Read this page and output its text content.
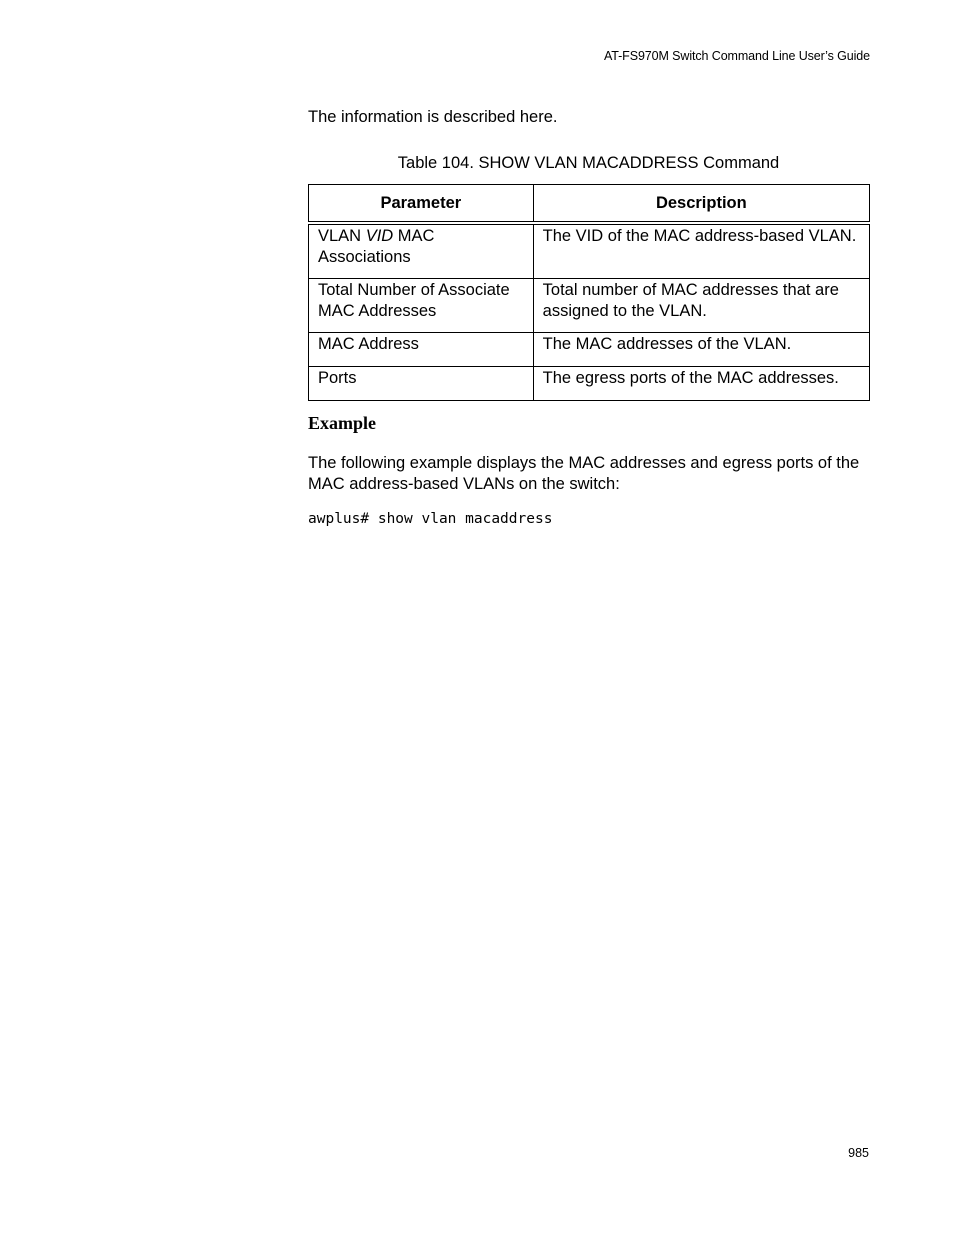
AT-FS970M Switch Command Line User’s Guide

The information is described here.

Table 104. SHOW VLAN MACADDRESS Command
Parameter	Description
VLAN VID MAC Associations	The VID of the MAC address-based VLAN.
Total Number of Associate MAC Addresses	Total number of MAC addresses that are assigned to the VLAN.
MAC Address	The MAC addresses of the VLAN.
Ports	The egress ports of the MAC addresses.
Example

The following example displays the MAC addresses and egress ports of the MAC address-based VLANs on the switch:

awplus# show vlan macaddress
985
